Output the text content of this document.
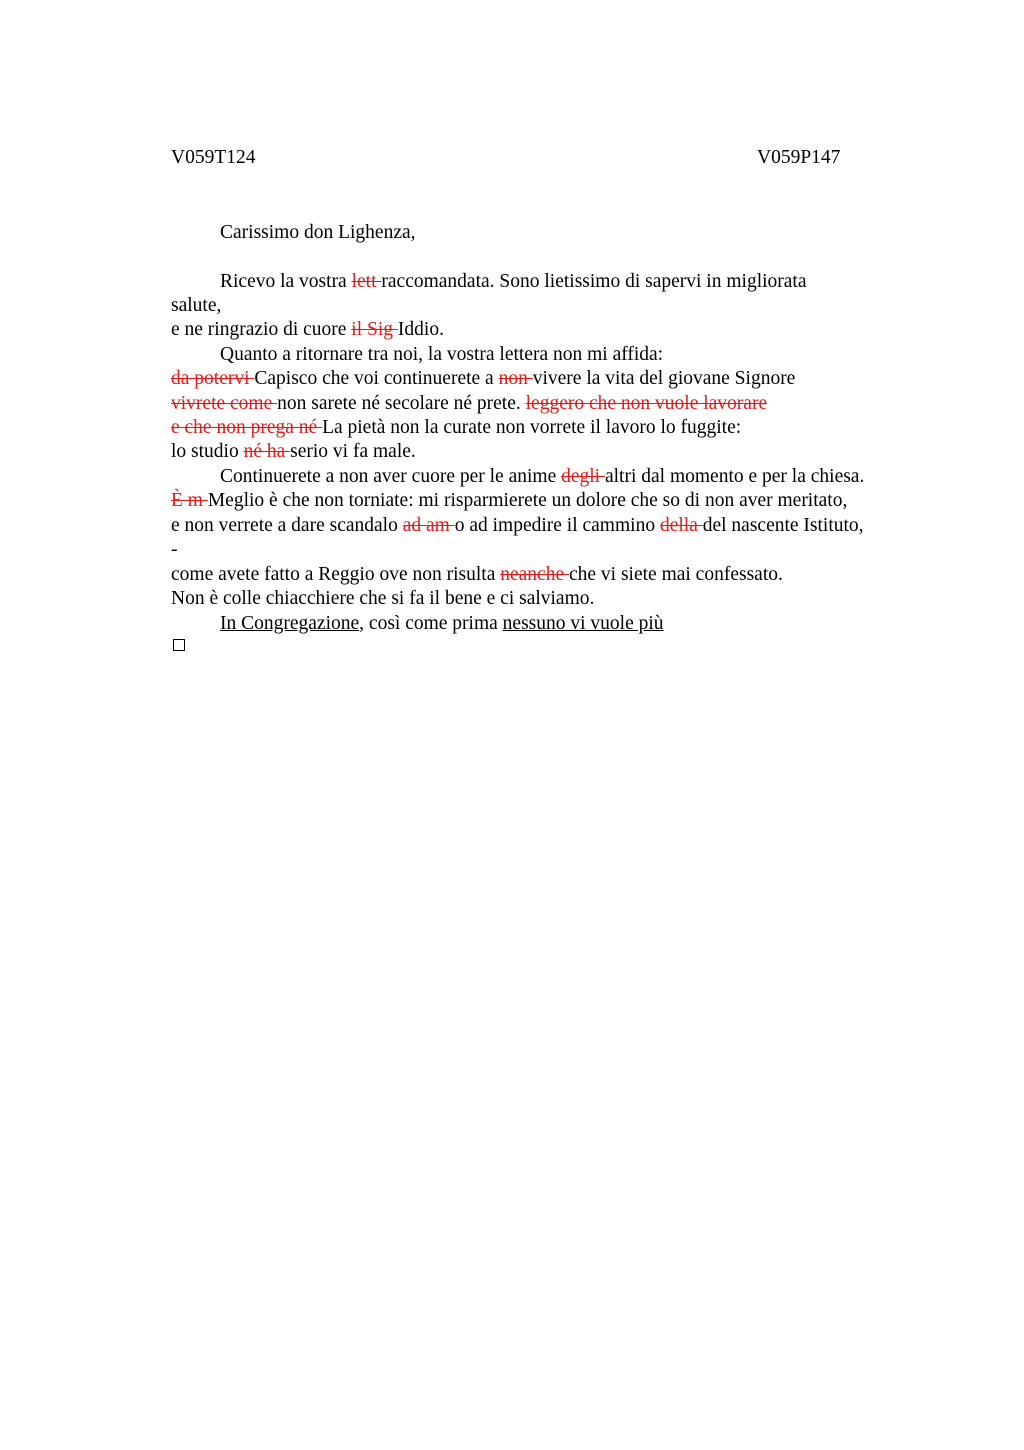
V059T124	V059P147
Carissimo don Lighenza,
Ricevo la vostra lett raccomandata. Sono lietissimo di sapervi in migliorata
salute,
e ne ringrazio di cuore il Sig Iddio.
Quanto a ritornare tra noi, la vostra lettera non mi affida:
da potervi Capisco che voi continuerete a non vivere la vita del giovane Signore
vivrete come non sarete né secolare né prete. leggero che non vuole lavorare
e che non prega né La pietà non la curate non vorrete il lavoro lo fuggite:
lo studio né ha serio vi fa male.
Continuerete a non aver cuore per le anime degli altri dal momento e per la chiesa.
È m Meglio è che non torniate: mi risparmierete un dolore che so di non aver meritato,
e non verrete a dare scandalo ad am o ad impedire il cammino della del nascente Istituto,
-
come avete fatto a Reggio ove non risulta neanche che vi siete mai confessato.
Non è colle chiacchiere che si fa il bene e ci salviamo.
In Congregazione, così come prima nessuno vi vuole più
